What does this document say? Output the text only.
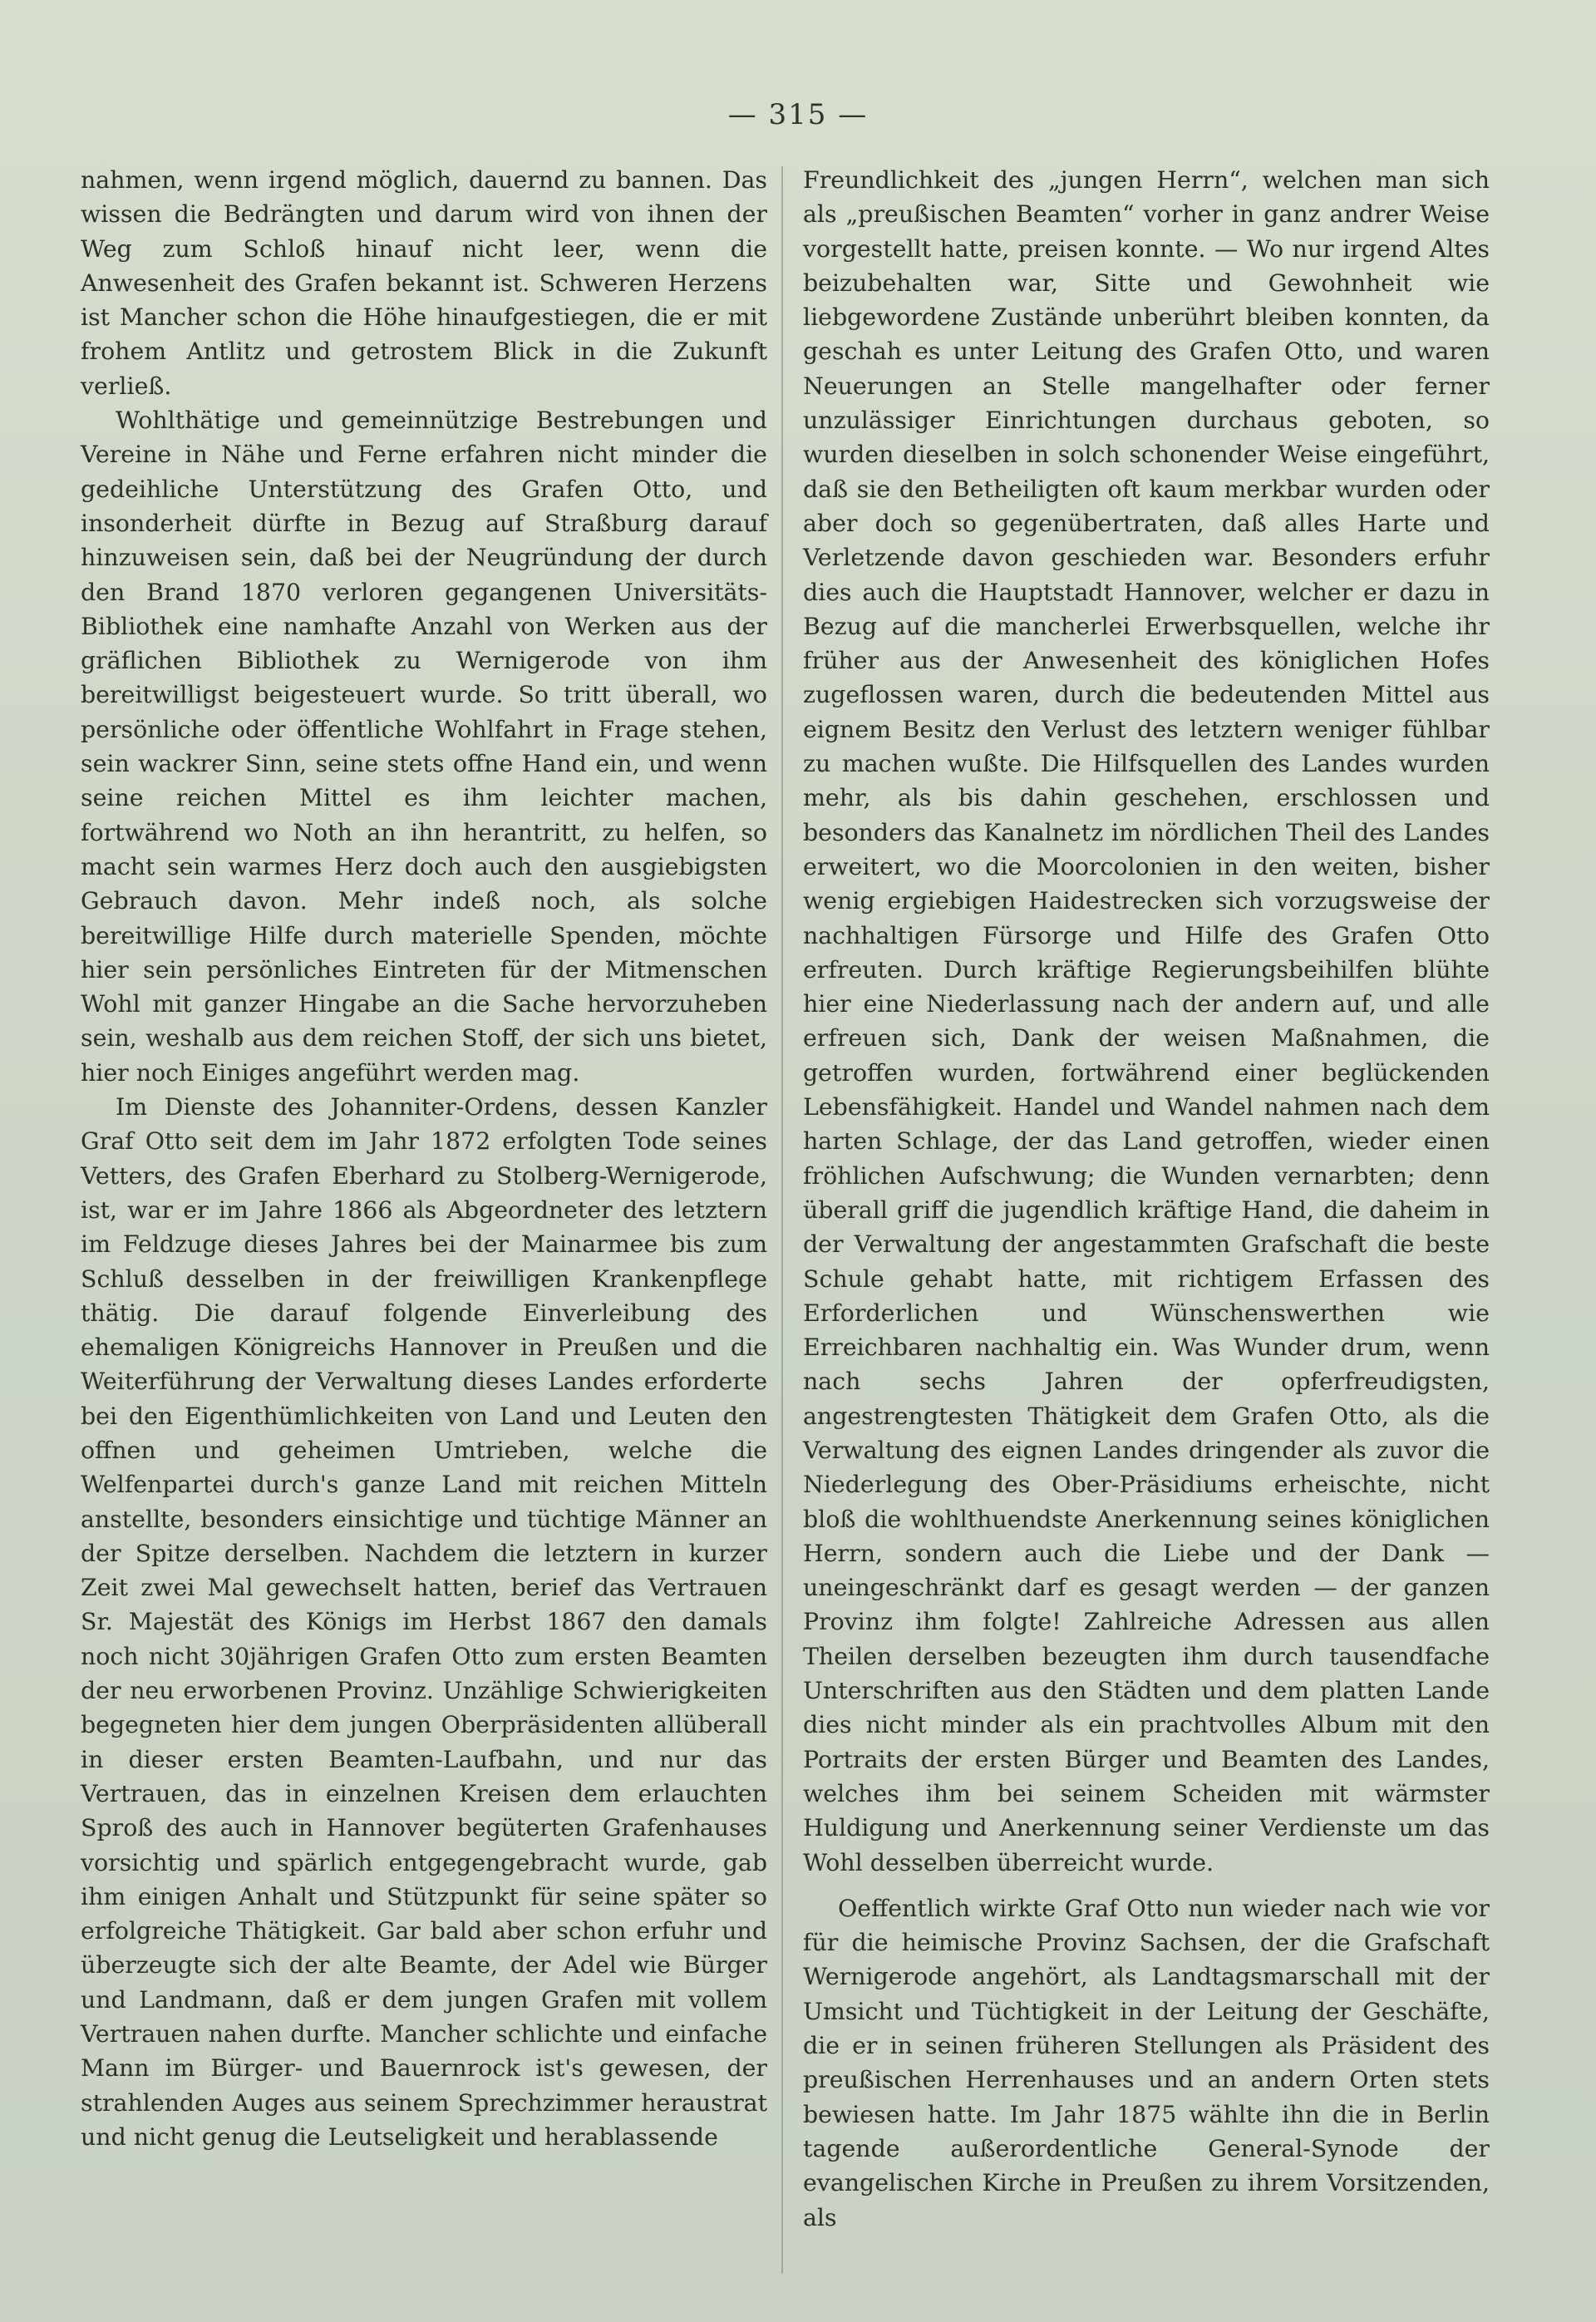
— 315 —

nahmen, wenn irgend möglich, dauernd zu bannen. Das wissen die Bedrängten und darum wird von ihnen der Weg zum Schloß hinauf nicht leer, wenn die Anwesenheit des Grafen bekannt ist. Schweren Herzens ist Mancher schon die Höhe hinaufgestiegen, die er mit frohem Antlitz und getrostem Blick in die Zukunft verließ.

Wohlthätige und gemeinnützige Bestrebungen und Vereine in Nähe und Ferne erfahren nicht minder die gedeihliche Unterstützung des Grafen Otto, und insonderheit dürfte in Bezug auf Straßburg darauf hinzuweisen sein, daß bei der Neugründung der durch den Brand 1870 verloren gegangenen Universitäts-Bibliothek eine namhafte Anzahl von Werken aus der gräflichen Bibliothek zu Wernigerode von ihm bereitwilligst beigesteuert wurde. So tritt überall, wo persönliche oder öffentliche Wohlfahrt in Frage stehen, sein wackrer Sinn, seine stets offne Hand ein, und wenn seine reichen Mittel es ihm leichter machen, fortwährend wo Noth an ihn herantritt, zu helfen, so macht sein warmes Herz doch auch den ausgiebigsten Gebrauch davon. Mehr indeß noch, als solche bereitwillige Hilfe durch materielle Spenden, möchte hier sein persönliches Eintreten für der Mitmenschen Wohl mit ganzer Hingabe an die Sache hervorzuheben sein, weshalb aus dem reichen Stoff, der sich uns bietet, hier noch Einiges angeführt werden mag.

Im Dienste des Johanniter-Ordens, dessen Kanzler Graf Otto seit dem im Jahr 1872 erfolgten Tode seines Vetters, des Grafen Eberhard zu Stolberg-Wernigerode, ist, war er im Jahre 1866 als Abgeordneter des letztern im Feldzuge dieses Jahres bei der Mainarmee bis zum Schluß desselben in der freiwilligen Krankenpflege thätig. Die darauf folgende Einverleibung des ehemaligen Königreichs Hannover in Preußen und die Weiterführung der Verwaltung dieses Landes erforderte bei den Eigenthümlichkeiten von Land und Leuten den offnen und geheimen Umtrieben, welche die Welfenpartei durch's ganze Land mit reichen Mitteln anstellte, besonders einsichtige und tüchtige Männer an der Spitze derselben. Nachdem die letztern in kurzer Zeit zwei Mal gewechselt hatten, berief das Vertrauen Sr. Majestät des Königs im Herbst 1867 den damals noch nicht 30jährigen Grafen Otto zum ersten Beamten der neu erworbenen Provinz. Unzählige Schwierigkeiten begegneten hier dem jungen Oberpräsidenten allüberall in dieser ersten Beamten-Laufbahn, und nur das Vertrauen, das in einzelnen Kreisen dem erlauchten Sproß des auch in Hannover begüterten Grafenhauses vorsichtig und spärlich entgegengebracht wurde, gab ihm einigen Anhalt und Stützpunkt für seine später so erfolgreiche Thätigkeit. Gar bald aber schon erfuhr und überzeugte sich der alte Beamte, der Adel wie Bürger und Landmann, daß er dem jungen Grafen mit vollem Vertrauen nahen durfte. Mancher schlichte und einfache Mann im Bürger- und Bauernrock ist's gewesen, der strahlenden Auges aus seinem Sprechzimmer heraustrat und nicht genug die Leutseligkeit und herablassende

Freundlichkeit des „jungen Herrn“, welchen man sich als „preußischen Beamten“ vorher in ganz andrer Weise vorgestellt hatte, preisen konnte. — Wo nur irgend Altes beizubehalten war, Sitte und Gewohnheit wie liebgewordene Zustände unberührt bleiben konnten, da geschah es unter Leitung des Grafen Otto, und waren Neuerungen an Stelle mangelhafter oder ferner unzulässiger Einrichtungen durchaus geboten, so wurden dieselben in solch schonender Weise eingeführt, daß sie den Betheiligten oft kaum merkbar wurden oder aber doch so gegenübertraten, daß alles Harte und Verletzende davon geschieden war. Besonders erfuhr dies auch die Hauptstadt Hannover, welcher er dazu in Bezug auf die mancherlei Erwerbsquellen, welche ihr früher aus der Anwesenheit des königlichen Hofes zugeflossen waren, durch die bedeutenden Mittel aus eignem Besitz den Verlust des letztern weniger fühlbar zu machen wußte. Die Hilfsquellen des Landes wurden mehr, als bis dahin geschehen, erschlossen und besonders das Kanalnetz im nördlichen Theil des Landes erweitert, wo die Moorcolonien in den weiten, bisher wenig ergiebigen Haidestrecken sich vorzugsweise der nachhaltigen Fürsorge und Hilfe des Grafen Otto erfreuten. Durch kräftige Regierungsbeihilfen blühte hier eine Niederlassung nach der andern auf, und alle erfreuen sich, Dank der weisen Maßnahmen, die getroffen wurden, fortwährend einer beglückenden Lebensfähigkeit. Handel und Wandel nahmen nach dem harten Schlage, der das Land getroffen, wieder einen fröhlichen Aufschwung; die Wunden vernarbten; denn überall griff die jugendlich kräftige Hand, die daheim in der Verwaltung der angestammten Grafschaft die beste Schule gehabt hatte, mit richtigem Erfassen des Erforderlichen und Wünschenswerthen wie Erreichbaren nachhaltig ein. Was Wunder drum, wenn nach sechs Jahren der opferfreudigsten, angestrengtesten Thätigkeit dem Grafen Otto, als die Verwaltung des eignen Landes dringender als zuvor die Niederlegung des Ober-Präsidiums erheischte, nicht bloß die wohlthuendste Anerkennung seines königlichen Herrn, sondern auch die Liebe und der Dank — uneingeschränkt darf es gesagt werden — der ganzen Provinz ihm folgte! Zahlreiche Adressen aus allen Theilen derselben bezeugten ihm durch tausendfache Unterschriften aus den Städten und dem platten Lande dies nicht minder als ein prachtvolles Album mit den Portraits der ersten Bürger und Beamten des Landes, welches ihm bei seinem Scheiden mit wärmster Huldigung und Anerkennung seiner Verdienste um das Wohl desselben überreicht wurde.

Oeffentlich wirkte Graf Otto nun wieder nach wie vor für die heimische Provinz Sachsen, der die Grafschaft Wernigerode angehört, als Landtagsmarschall mit der Umsicht und Tüchtigkeit in der Leitung der Geschäfte, die er in seinen früheren Stellungen als Präsident des preußischen Herrenhauses und an andern Orten stets bewiesen hatte. Im Jahr 1875 wählte ihn die in Berlin tagende außerordentliche General-Synode der evangelischen Kirche in Preußen zu ihrem Vorsitzenden, als
